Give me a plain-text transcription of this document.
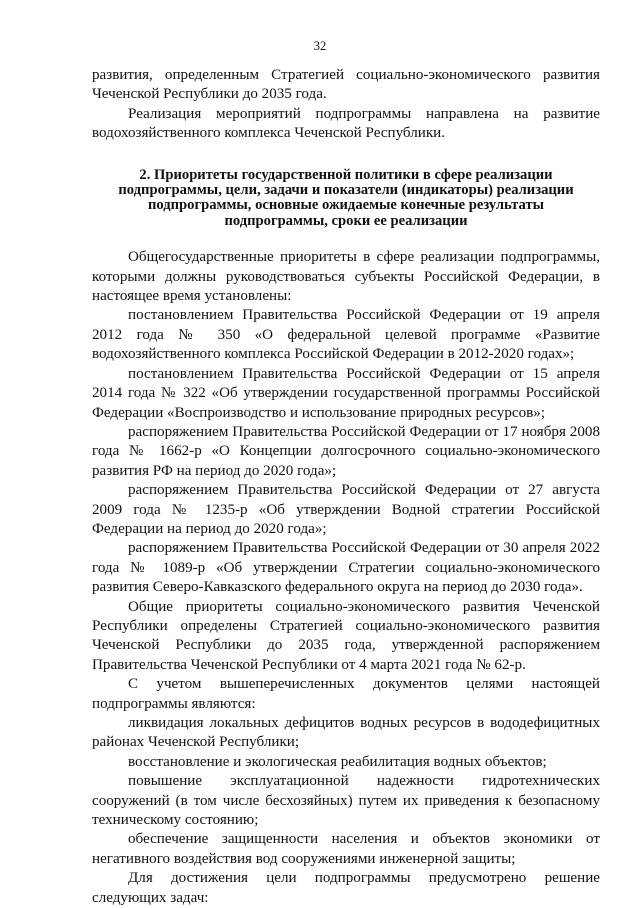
32

развития, определенным Стратегией социально-экономического развития Чеченской Республики до 2035 года.

Реализация мероприятий подпрограммы направлена на развитие водохозяйственного комплекса Чеченской Республики.

2. Приоритеты государственной политики в сфере реализации

подпрограммы, цели, задачи и показатели (индикаторы) реализации

подпрограммы, основные ожидаемые конечные результаты

подпрограммы, сроки ее реализации

Общегосударственные приоритеты в сфере реализации подпрограммы, которыми должны руководствоваться субъекты Российской Федерации, в настоящее время установлены:

постановлением Правительства Российской Федерации от 19 апреля 2012 года № 350 «О федеральной целевой программе «Развитие водохозяйственного комплекса Российской Федерации в 2012-2020 годах»;

постановлением Правительства Российской Федерации от 15 апреля 2014 года № 322 «Об утверждении государственной программы Российской Федерации «Воспроизводство и использование природных ресурсов»;

распоряжением Правительства Российской Федерации от 17 ноября 2008 года № 1662-р «О Концепции долгосрочного социально-экономического развития РФ на период до 2020 года»;

распоряжением Правительства Российской Федерации от 27 августа 2009 года № 1235-р «Об утверждении Водной стратегии Российской Федерации на период до 2020 года»;

распоряжением Правительства Российской Федерации от 30 апреля 2022 года № 1089-р «Об утверждении Стратегии социально-экономического развития Северо-Кавказского федерального округа на период до 2030 года».

Общие приоритеты социально-экономического развития Чеченской Республики определены Стратегией социально-экономического развития Чеченской Республики до 2035 года, утвержденной распоряжением Правительства Чеченской Республики от 4 марта 2021 года № 62-р.

С учетом вышеперечисленных документов целями настоящей подпрограммы являются:

ликвидация локальных дефицитов водных ресурсов в вододефицитных районах Чеченской Республики;

восстановление и экологическая реабилитация водных объектов;

повышение эксплуатационной надежности гидротехнических сооружений (в том числе бесхозяйных) путем их приведения к безопасному техническому состоянию;

обеспечение защищенности населения и объектов экономики от негативного воздействия вод сооружениями инженерной защиты;

Для достижения цели подпрограммы предусмотрено решение следующих задач:
